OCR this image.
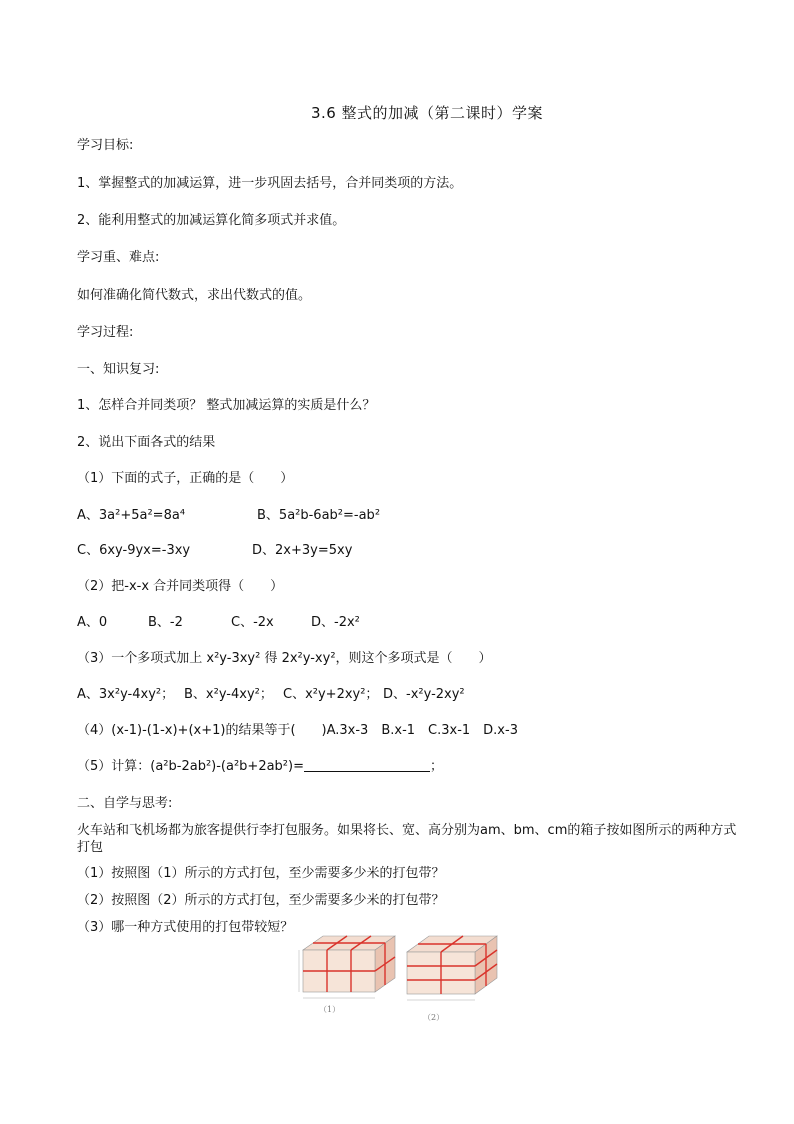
3.6 整式的加减（第二课时）学案
学习目标:
1、掌握整式的加减运算，进一步巩固去括号，合并同类项的方法。
2、能利用整式的加减运算化简多项式并求值。
学习重、难点:
如何准确化简代数式，求出代数式的值。
学习过程:
一、知识复习:
1、怎样合并同类项？ 整式加减运算的实质是什么？
2、说出下面各式的结果
（1）下面的式子，正确的是（　　）
A、3a²+5a²=8a⁴	B、5a²b-6ab²=-ab²
C、6xy-9yx=-3xy	D、2x+3y=5xy
（2）把-x-x 合并同类项得（　　）
A、0	B、-2	C、-2x	D、-2x²
（3）一个多项式加上 x²y-3xy² 得 2x²y-xy²，则这个多项式是（　　）
A、3x²y-4xy²； B、x²y-4xy²； C、x²y+2xy²； D、-x²y-2xy²
（4）(x-1)-(1-x)+(x+1)的结果等于(　　)A.3x-3　B.x-1　C.3x-1　D.x-3
（5）计算：(a²b-2ab²)-(a²b+2ab²)=	；
二、自学与思考:
火车站和飞机场都为旅客提供行李打包服务。如果将长、宽、高分别为am、bm、cm的箱子按如图所示的两种方式打包
（1）按照图（1）所示的方式打包，至少需要多少米的打包带？
（2）按照图（2）所示的方式打包，至少需要多少米的打包带？
（3）哪一种方式使用的打包带较短？
（1）
（2）
